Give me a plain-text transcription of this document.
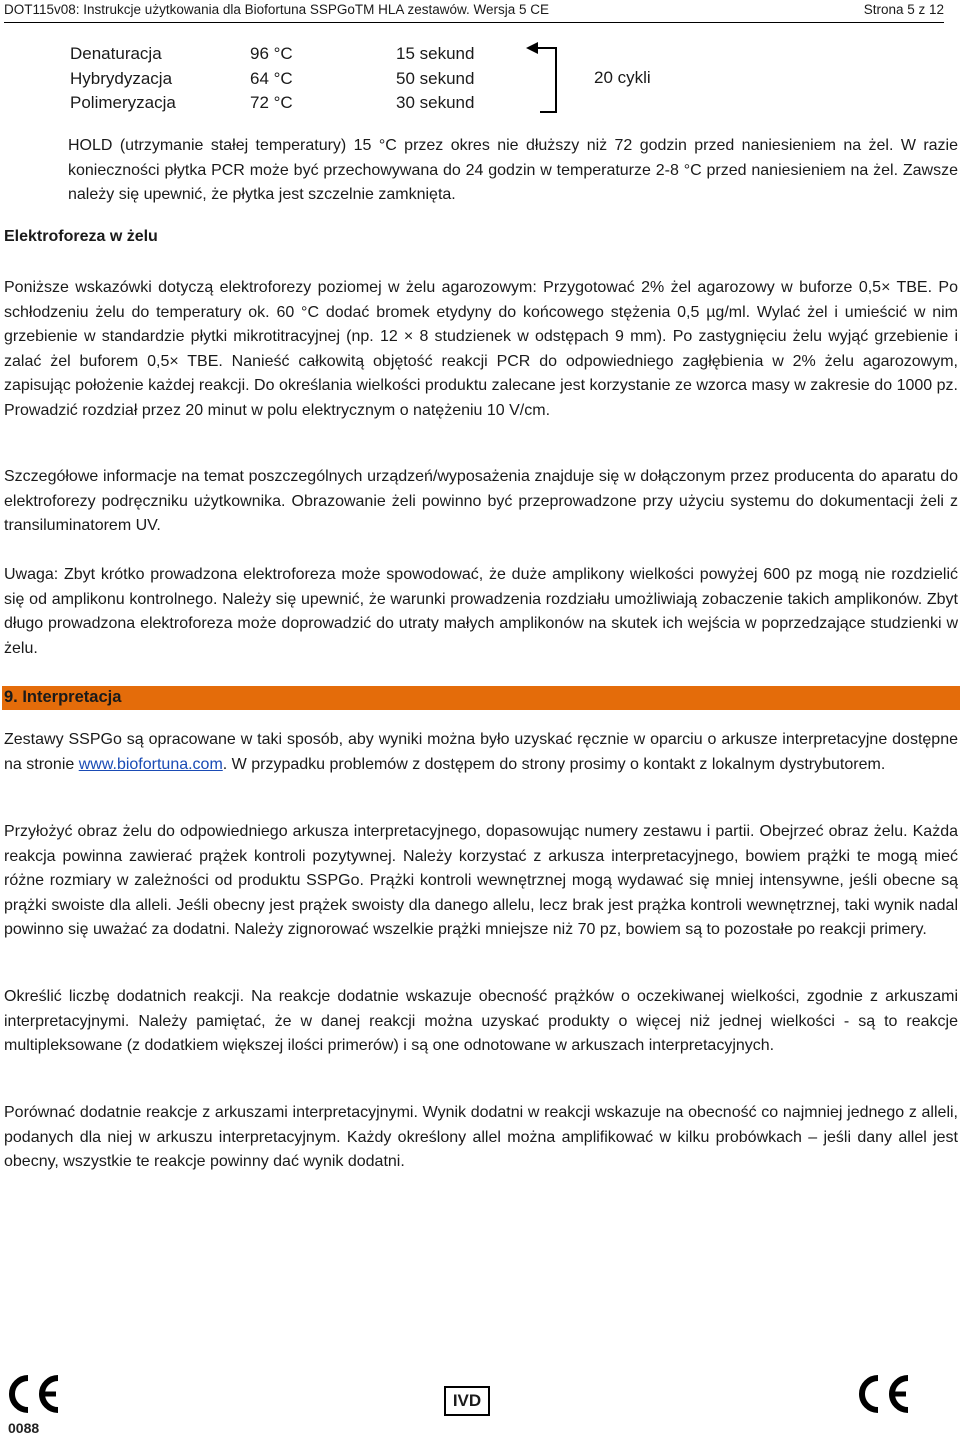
DOT115v08: Instrukcje użytkowania dla Biofortuna SSPGoTM HLA zestawów. Wersja 5 CE	Strona 5 z 12
Denaturacja	96 °C	15 sekund
Hybrydyzacja	64 °C	50 sekund
Polimeryzacja	72 °C	30 sekund
20 cykli
HOLD (utrzymanie stałej temperatury) 15 °C przez okres nie dłuższy niż 72 godzin przed naniesieniem na żel. W razie konieczności płytka PCR może być przechowywana do 24 godzin w temperaturze 2-8 °C przed naniesieniem na żel. Zawsze należy się upewnić, że płytka jest szczelnie zamknięta.
Elektroforeza w żelu
Poniższe wskazówki dotyczą elektroforezy poziomej w żelu agarozowym: Przygotować 2% żel agarozowy w buforze 0,5× TBE. Po schłodzeniu żelu do temperatury ok. 60 °C dodać bromek etydyny do końcowego stężenia 0,5 µg/ml. Wylać żel i umieścić w nim grzebienie w standardzie płytki mikrotitracyjnej (np. 12 × 8 studzienek w odstępach 9 mm). Po zastygnięciu żelu wyjąć grzebienie i zalać żel buforem 0,5× TBE. Nanieść całkowitą objętość reakcji PCR do odpowiedniego zagłębienia w 2% żelu agarozowym, zapisując położenie każdej reakcji. Do określania wielkości produktu zalecane jest korzystanie ze wzorca masy w zakresie do 1000 pz. Prowadzić rozdział przez 20 minut w polu elektrycznym o natężeniu 10 V/cm.
Szczegółowe informacje na temat poszczególnych urządzeń/wyposażenia znajduje się w dołączonym przez producenta do aparatu do elektroforezy podręczniku użytkownika. Obrazowanie żeli powinno być przeprowadzone przy użyciu systemu do dokumentacji żeli z transiluminatorem UV.
Uwaga: Zbyt krótko prowadzona elektroforeza może spowodować, że duże amplikony wielkości powyżej 600 pz mogą nie rozdzielić się od amplikonu kontrolnego. Należy się upewnić, że warunki prowadzenia rozdziału umożliwiają zobaczenie takich amplikonów. Zbyt długo prowadzona elektroforeza może doprowadzić do utraty małych amplikonów na skutek ich wejścia w poprzedzające studzienki w żelu.
9. Interpretacja
Zestawy SSPGo są opracowane w taki sposób, aby wyniki można było uzyskać ręcznie w oparciu o arkusze interpretacyjne dostępne na stronie www.biofortuna.com. W przypadku problemów z dostępem do strony prosimy o kontakt z lokalnym dystrybutorem.
Przyłożyć obraz żelu do odpowiedniego arkusza interpretacyjnego, dopasowując numery zestawu i partii. Obejrzeć obraz żelu. Każda reakcja powinna zawierać prążek kontroli pozytywnej. Należy korzystać z arkusza interpretacyjnego, bowiem prążki te mogą mieć różne rozmiary w zależności od produktu SSPGo. Prążki kontroli wewnętrznej mogą wydawać się mniej intensywne, jeśli obecne są prążki swoiste dla alleli. Jeśli obecny jest prążek swoisty dla danego allelu, lecz brak jest prążka kontroli wewnętrznej, taki wynik nadal powinno się uważać za dodatni. Należy zignorować wszelkie prążki mniejsze niż 70 pz, bowiem są to pozostałe po reakcji primery.
Określić liczbę dodatnich reakcji. Na reakcje dodatnie wskazuje obecność prążków o oczekiwanej wielkości, zgodnie z arkuszami interpretacyjnymi. Należy pamiętać, że w danej reakcji można uzyskać produkty o więcej niż jednej wielkości - są to reakcje multipleksowane (z dodatkiem większej ilości primerów) i są one odnotowane w arkuszach interpretacyjnych.
Porównać dodatnie reakcje z arkuszami interpretacyjnymi. Wynik dodatni w reakcji wskazuje na obecność co najmniej jednego z alleli, podanych dla niej w arkuszu interpretacyjnym. Każdy określony allel można amplifikować w kilku probówkach – jeśli dany allel jest obecny, wszystkie te reakcje powinny dać wynik dodatni.
0088
IVD
